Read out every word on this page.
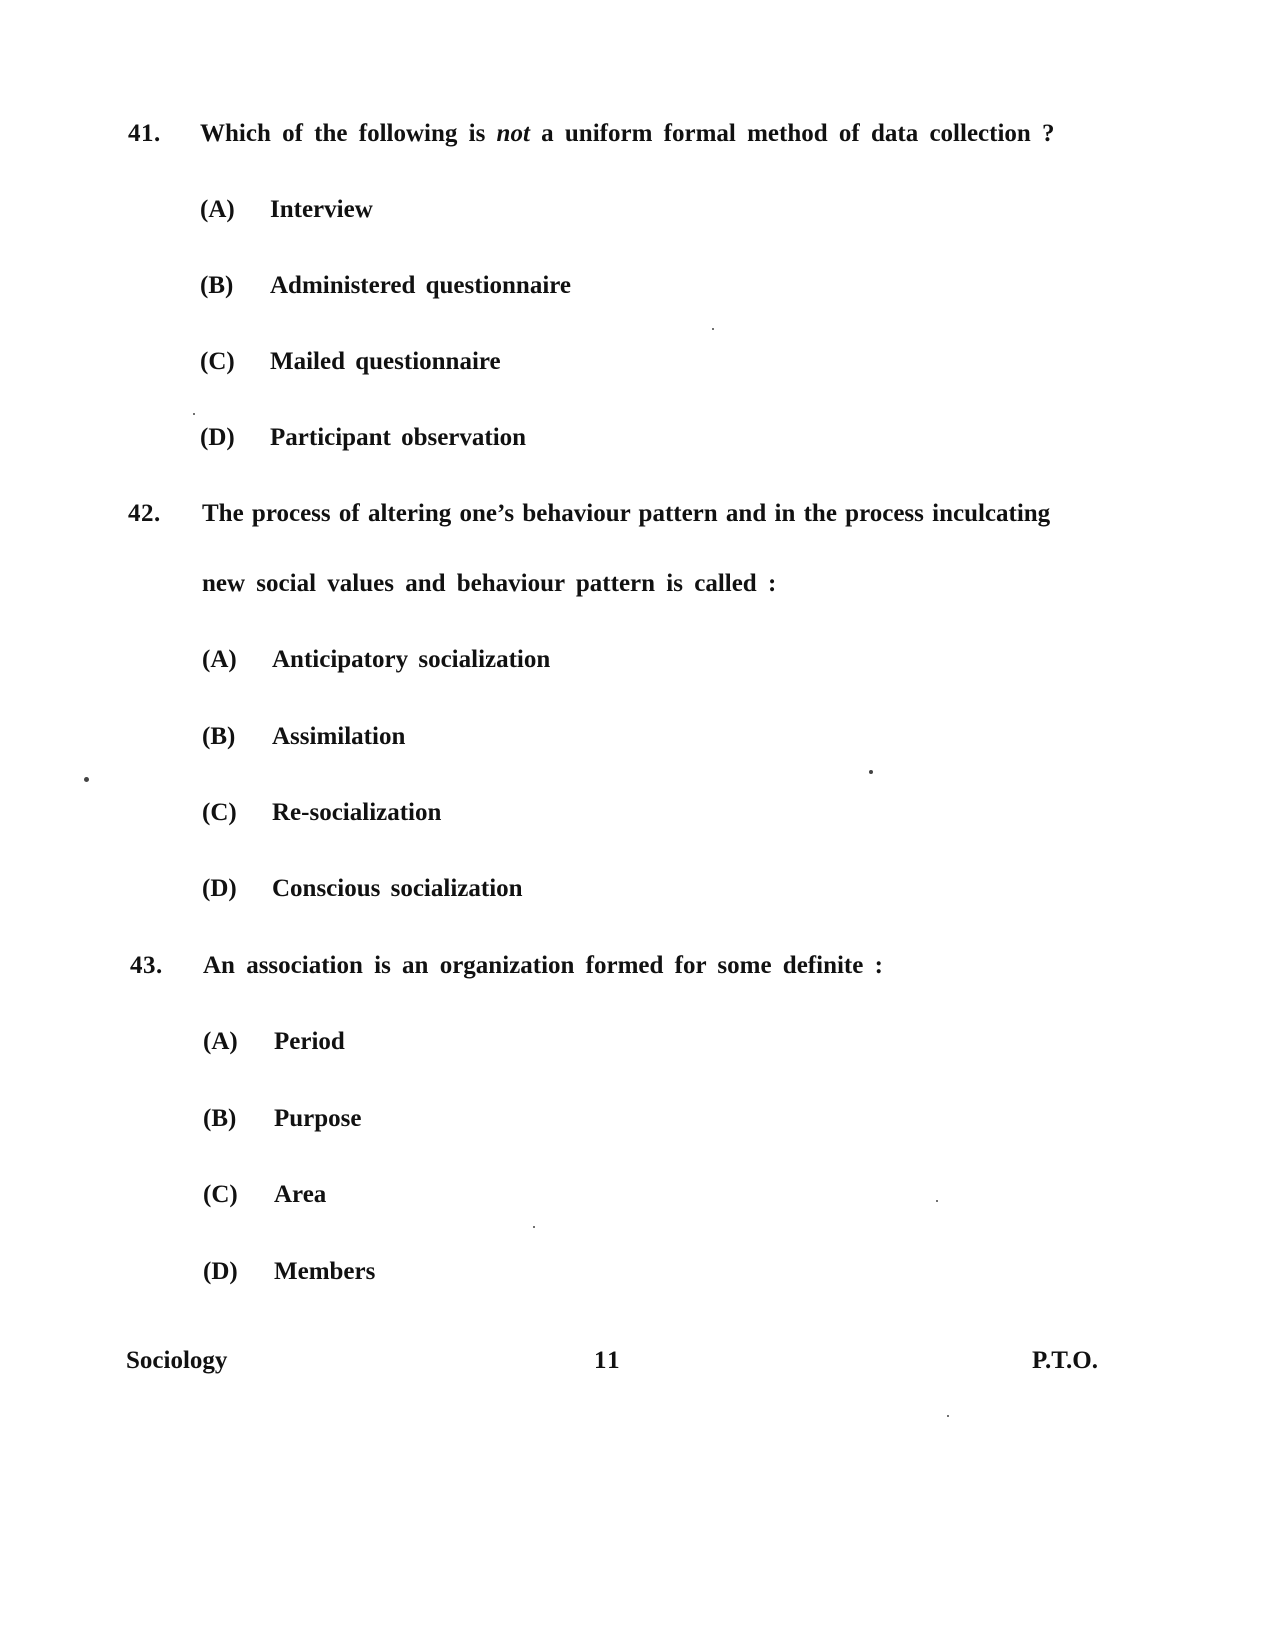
41. Which of the following is not a uniform formal method of data collection ?
(A) Interview
(B) Administered questionnaire
(C) Mailed questionnaire
(D) Participant observation
42. The process of altering one’s behaviour pattern and in the process inculcating
new social values and behaviour pattern is called :
(A) Anticipatory socialization
(B) Assimilation
(C) Re-socialization
(D) Conscious socialization
43. An association is an organization formed for some definite :
(A) Period
(B) Purpose
(C) Area
(D) Members
Sociology	11	P.T.O.
